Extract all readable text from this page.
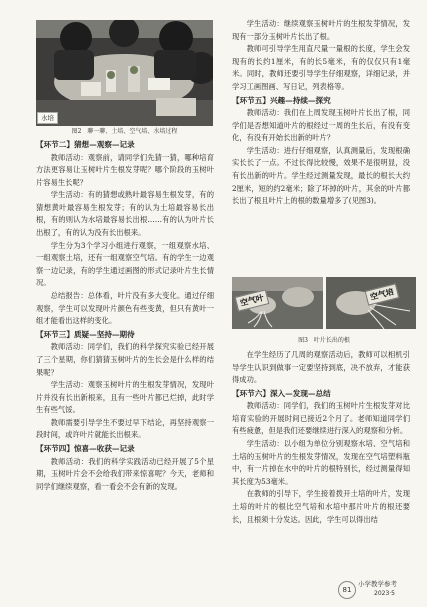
水培
图2　聊一聊、土培、空气培、水培过程
【环节二】猜想—观察—记录

教师活动：观察前，请同学们先猜一猜，哪种培育方法更容易让玉树叶片生根发芽呢？哪个阶段的玉树叶片容易生长呢？

学生活动：有的猜想或熟叶最容易生根发芽，有的猜想黄叶最容易生根发芽；有的认为土培最容易长出根，有的则认为水培最容易长出根……有的认为叶片长出根了，有的认为没有长出根来。

学生分为3个学习小组进行观察，一组观察水培、一组观察土培，还有一组观察空气培。有的学生一边观察一边记录，有的学生通过画图的形式记录叶片生长情况。

总结报告：总体看，叶片没有多大变化。通过仔细观察，学生可以发现叶片颜色有些变黄，但只有黄叶一组才能看出这样的变化。

【环节三】质疑—坚持—期待

教师活动：同学们，我们的科学探究实验已经开展了三个星期，你们猜猜玉树叶片的生长会是什么样的结果呢？

学生活动：观察玉树叶片的生根发芽情况，发现叶片并没有长出新根来，且有一些叶片都已烂掉，此时学生有些气馁。

教师需要引导学生不要过早下结论，再坚持观察一段时间，或许叶片就能长出根来。

【环节四】惊喜—收获—记录

教师活动：我们的科学实践活动已经开展了5个星期，玉树叶片会不会给我们带来惊喜呢？今天，老师和同学们继续观察，看一看会不会有新的发现。

学生活动：继续观察玉树叶片的生根发芽情况，发现有一部分玉树叶片长出了根。

教师可引导学生用直尺量一量根的长度，学生会发现有的长约1厘米，有的长5毫米，有的仅仅只有1毫米。同时，教师还要引导学生仔细观察，详细记录，并学习工画图画、写日记，列表格等。

【环节五】兴趣—持续—探究

教师活动：我们在上周发现玉树叶片长出了根，同学们是否想知道叶片的根经过一周的生长后，有没有变化，有没有开始长出新的叶片？

学生活动：进行仔细观察，认真测量后，发现根确实长长了一点。不过长得比较慢，效果不是很明显，没有长出新的叶片。学生经过测量发现，最长的根长大约2厘米，短的约2毫米；除了坏掉的叶片，其余的叶片都长出了根且叶片上的根的数量增多了(见图3)。

空气叶	空气培
图3　叶片长出的根

在学生经历了几周的观察活动后，教师可以相机引导学生认识到做事一定要坚持到底，决不放弃，才能获得成功。

【环节六】深入—发现—总结

教师活动：同学们，我们的玉树叶片生根发芽对比培育实验的开展时间已接近2个月了。老师知道同学们有些疲惫，但是我们还要继续进行深入的观察和分析。

学生活动：以小组为单位分别观察水培、空气培和土培的玉树叶片的生根发芽情况，发现在空气培塑料瓶中，有一片掉在水中的叶片的根特别长，经过测量得知其长度为53毫米。

在教师的引导下，学生接着拨开土培的叶片，发现土培的叶片的根比空气培和水培中那片叶片的根还要长，且根须十分发达。因此，学生可以得出结

81
小学教学参考
2023·5
